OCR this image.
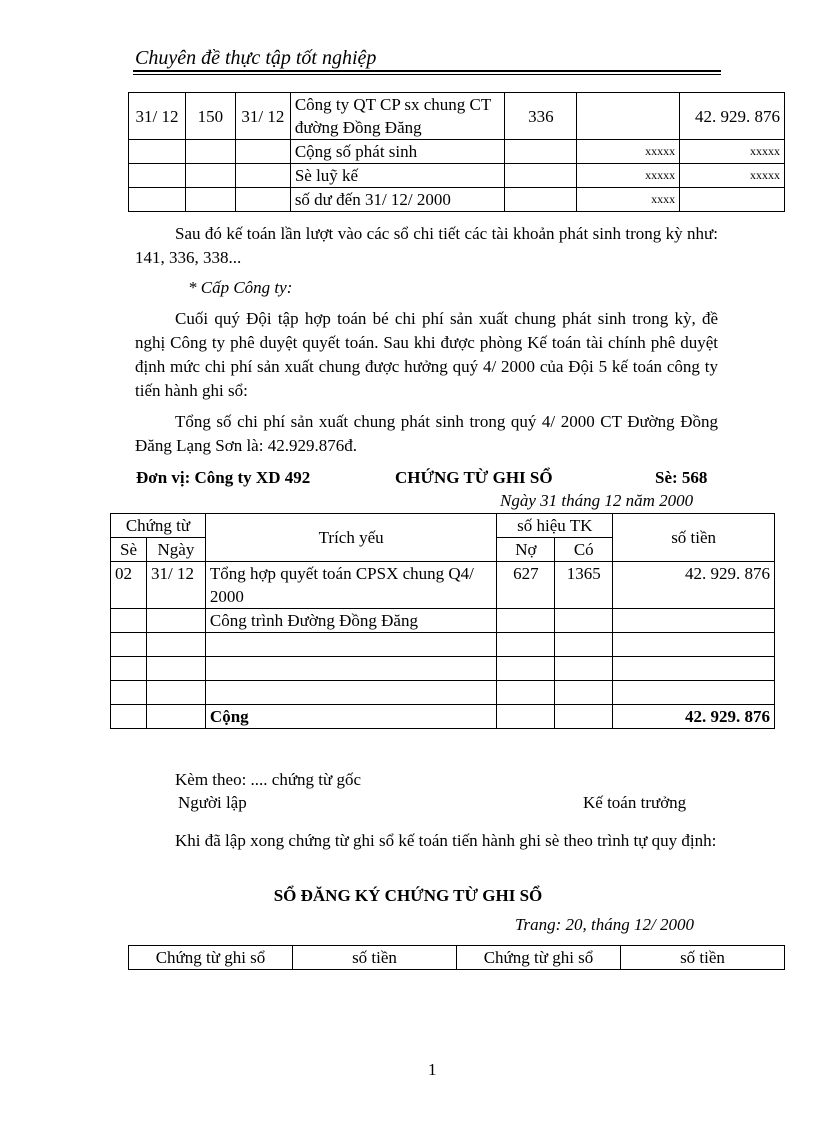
Chuyên đề thực tập tốt nghiệp
31/ 12	150	31/ 12	Công ty QT CP sx chung CT đường Đồng Đăng	336		42. 929. 876
			Cộng số phát sinh		xxxxx	xxxxx
			Sè luỹ kế		xxxxx	xxxxx
			số dư đến 31/ 12/ 2000		xxxx	

Sau đó kế toán lần lượt vào các sổ chi tiết các tài khoản phát sinh trong kỳ như: 141, 336, 338...

* Cấp Công ty:

Cuối quý Đội tập hợp toán bé chi phí sản xuất chung phát sinh trong kỳ, đề nghị Công ty phê duyệt quyết toán. Sau khi được phòng Kế toán tài chính phê duyệt định mức chi phí sản xuất chung được hưởng quý 4/ 2000 của Đội 5 kế toán công ty tiến hành ghi sổ:

Tổng số chi phí sản xuất chung phát sinh trong quý 4/ 2000 CT Đường Đồng Đăng Lạng Sơn là: 42.929.876đ.

Đơn vị: Công ty XD 492	CHỨNG TỪ GHI SỔ	Sè: 568
Ngày 31 tháng 12 năm 2000
Chứng từ		Trích yếu	số hiệu TK		số tiền
Sè	Ngày		Nợ	Có	
02	31/ 12	Tổng hợp quyết toán CPSX chung Q4/ 2000	627	1365	42. 929. 876
		Công trình Đường Đồng Đăng			

		Cộng			42. 929. 876
Kèm theo: .... chứng từ gốc
Người lập	Kế toán trưởng

Khi đã lập xong chứng từ ghi sổ kế toán tiến hành ghi sè theo trình tự quy định:

SỔ ĐĂNG KÝ CHỨNG TỪ GHI SỔ
Trang: 20, tháng 12/ 2000
Chứng từ ghi sổ	số tiền	Chứng từ ghi sổ	số tiền
1
